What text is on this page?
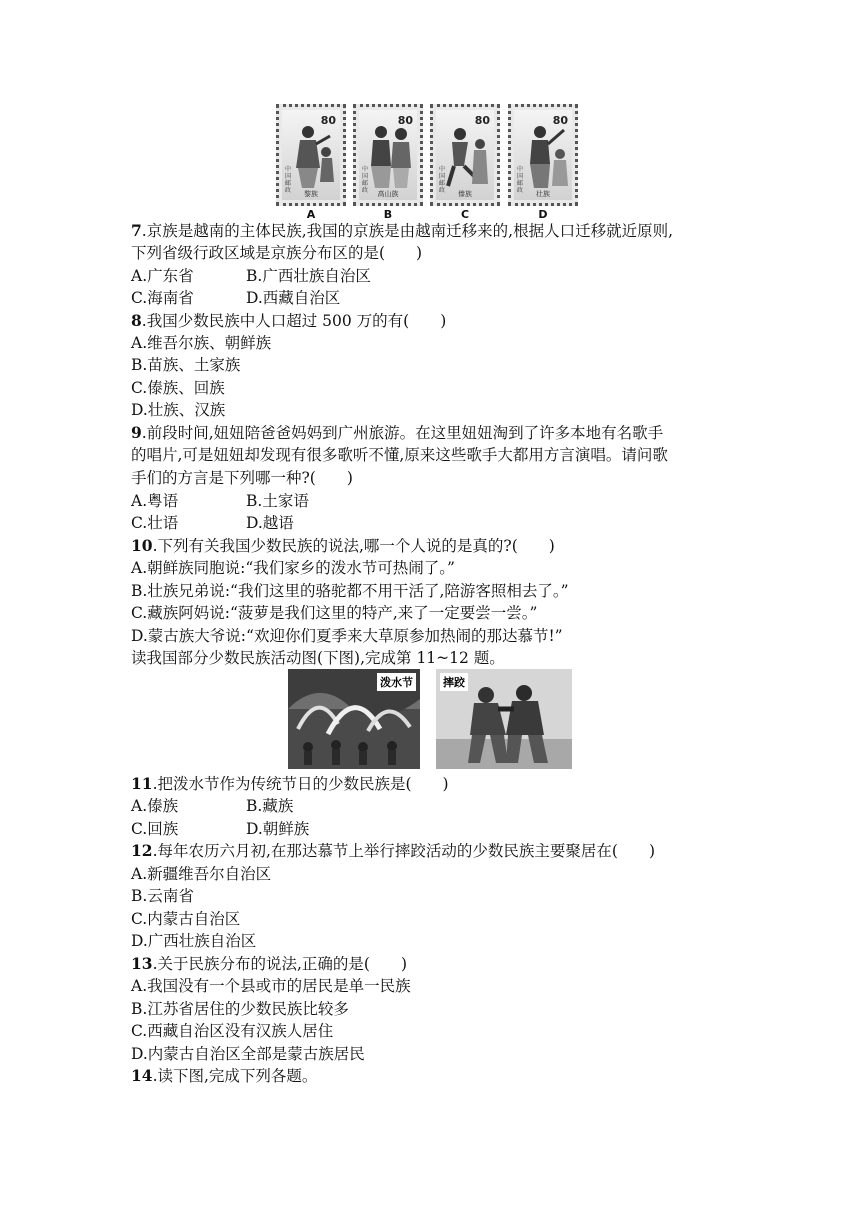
80
中国邮政	黎族
80
中国邮政	高山族
80
中国邮政	傣族
80
中国邮政	壮族
A	B	C	D
7.京族是越南的主体民族,我国的京族是由越南迁移来的,根据人口迁移就近原则,
下列省级行政区域是京族分布区的是(　　)
A.广东省	B.广西壮族自治区
C.海南省	D.西藏自治区
8.我国少数民族中人口超过 500 万的有(　　)
A.维吾尔族、朝鲜族
B.苗族、土家族
C.傣族、回族
D.壮族、汉族
9.前段时间,妞妞陪爸爸妈妈到广州旅游。在这里妞妞淘到了许多本地有名歌手
的唱片,可是妞妞却发现有很多歌听不懂,原来这些歌手大都用方言演唱。请问歌
手们的方言是下列哪一种?(　　)
A.粤语	B.土家语
C.壮语	D.越语
10.下列有关我国少数民族的说法,哪一个人说的是真的?(　　)
A.朝鲜族同胞说:“我们家乡的泼水节可热闹了。”
B.壮族兄弟说:“我们这里的骆驼都不用干活了,陪游客照相去了。”
C.藏族阿妈说:“菠萝是我们这里的特产,来了一定要尝一尝。”
D.蒙古族大爷说:“欢迎你们夏季来大草原参加热闹的那达慕节!”
读我国部分少数民族活动图(下图),完成第 11~12 题。
泼水节	摔跤
11.把泼水节作为传统节日的少数民族是(　　)
A.傣族	B.藏族
C.回族	D.朝鲜族
12.每年农历六月初,在那达慕节上举行摔跤活动的少数民族主要聚居在(　　)
A.新疆维吾尔自治区
B.云南省
C.内蒙古自治区
D.广西壮族自治区
13.关于民族分布的说法,正确的是(　　)
A.我国没有一个县或市的居民是单一民族
B.江苏省居住的少数民族比较多
C.西藏自治区没有汉族人居住
D.内蒙古自治区全部是蒙古族居民
14.读下图,完成下列各题。
